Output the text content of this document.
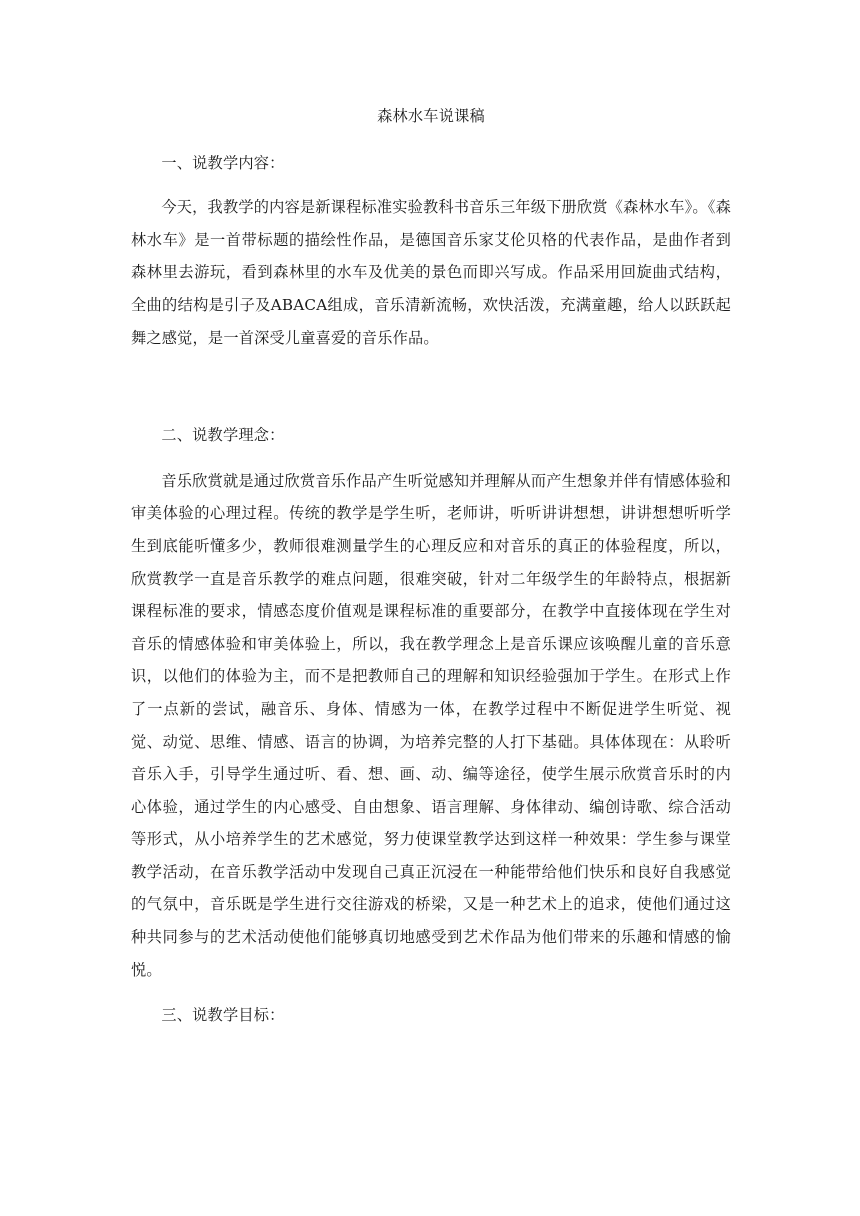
森林水车说课稿
一、说教学内容：

今天，我教学的内容是新课程标准实验教科书音乐三年级下册欣赏《森林水车》。《森林水车》是一首带标题的描绘性作品，是德国音乐家艾伦贝格的代表作品，是曲作者到森林里去游玩，看到森林里的水车及优美的景色而即兴写成。作品采用回旋曲式结构，全曲的结构是引子及ABACA组成，音乐清新流畅，欢快活泼，充满童趣，给人以跃跃起舞之感觉，是一首深受儿童喜爱的音乐作品。

二、说教学理念：

音乐欣赏就是通过欣赏音乐作品产生听觉感知并理解从而产生想象并伴有情感体验和审美体验的心理过程。传统的教学是学生听，老师讲，听听讲讲想想，讲讲想想听听学生到底能听懂多少，教师很难测量学生的心理反应和对音乐的真正的体验程度，所以，欣赏教学一直是音乐教学的难点问题，很难突破，针对二年级学生的年龄特点，根据新课程标准的要求，情感态度价值观是课程标准的重要部分，在教学中直接体现在学生对音乐的情感体验和审美体验上，所以，我在教学理念上是音乐课应该唤醒儿童的音乐意识，以他们的体验为主，而不是把教师自己的理解和知识经验强加于学生。在形式上作了一点新的尝试，融音乐、身体、情感为一体，在教学过程中不断促进学生听觉、视觉、动觉、思维、情感、语言的协调，为培养完整的人打下基础。具体体现在：从聆听音乐入手，引导学生通过听、看、想、画、动、编等途径，使学生展示欣赏音乐时的内心体验，通过学生的内心感受、自由想象、语言理解、身体律动、编创诗歌、综合活动等形式，从小培养学生的艺术感觉，努力使课堂教学达到这样一种效果：学生参与课堂教学活动，在音乐教学活动中发现自己真正沉浸在一种能带给他们快乐和良好自我感觉的气氛中，音乐既是学生进行交往游戏的桥梁，又是一种艺术上的追求，使他们通过这种共同参与的艺术活动使他们能够真切地感受到艺术作品为他们带来的乐趣和情感的愉悦。

三、说教学目标：
